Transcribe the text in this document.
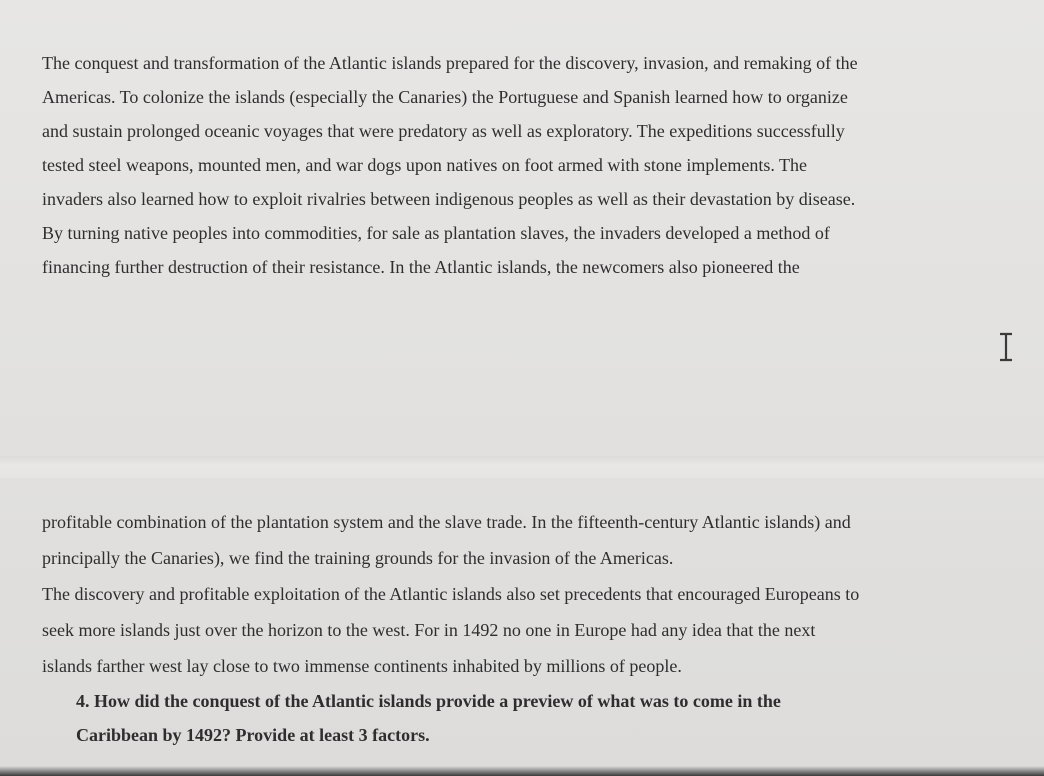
The conquest and transformation of the Atlantic islands prepared for the discovery, invasion, and remaking of the
Americas. To colonize the islands (especially the Canaries) the Portuguese and Spanish learned how to organize
and sustain prolonged oceanic voyages that were predatory as well as exploratory. The expeditions successfully
tested steel weapons, mounted men, and war dogs upon natives on foot armed with stone implements. The
invaders also learned how to exploit rivalries between indigenous peoples as well as their devastation by disease.
By turning native peoples into commodities, for sale as plantation slaves, the invaders developed a method of
financing further destruction of their resistance. In the Atlantic islands, the newcomers also pioneered the
profitable combination of the plantation system and the slave trade. In the fifteenth-century Atlantic islands) and
principally the Canaries), we find the training grounds for the invasion of the Americas.
The discovery and profitable exploitation of the Atlantic islands also set precedents that encouraged Europeans to
seek more islands just over the horizon to the west. For in 1492 no one in Europe had any idea that the next
islands farther west lay close to two immense continents inhabited by millions of people.
4. How did the conquest of the Atlantic islands provide a preview of what was to come in the
Caribbean by 1492? Provide at least 3 factors.
